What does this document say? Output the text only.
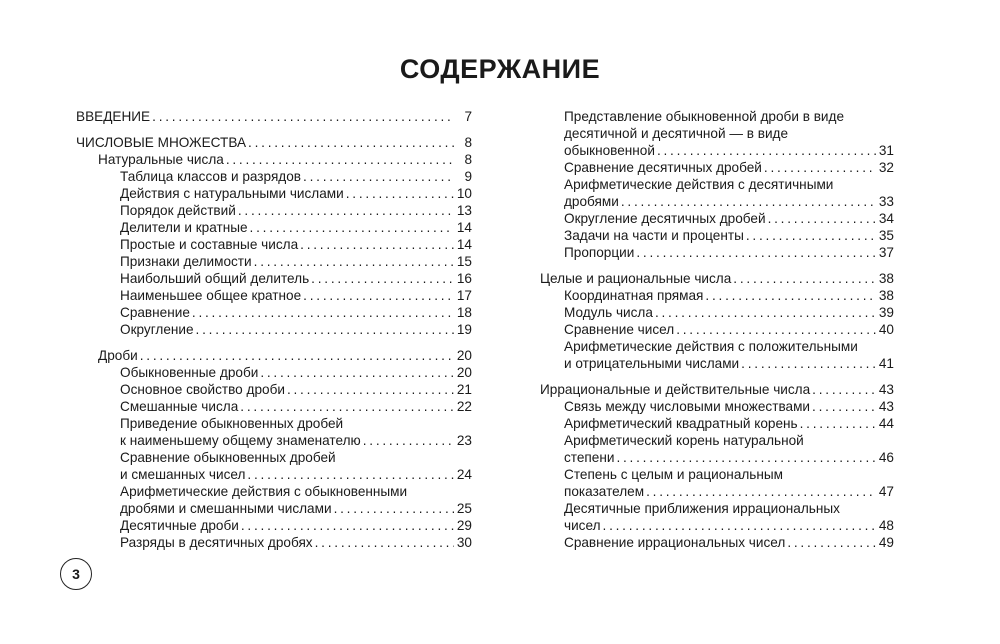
СОДЕРЖАНИЕ
ВВЕДЕНИЕ . . .	7
ЧИСЛОВЫЕ МНОЖЕСТВА . . .	8
Натуральные числа . . .	8
Таблица классов и разрядов . . .	9
Действия с натуральными числами . . .	10
Порядок действий . . .	13
Делители и кратные . . .	14
Простые и составные числа . . .	14
Признаки делимости . . .	15
Наибольший общий делитель . . .	16
Наименьшее общее кратное . . .	17
Сравнение . . .	18
Округление . . .	19
Дроби . . .	20
Обыкновенные дроби . . .	20
Основное свойство дроби . . .	21
Смешанные числа . . .	22
Приведение обыкновенных дробей
к наименьшему общему знаменателю . . .	23
Сравнение обыкновенных дробей
и смешанных чисел . . .	24
Арифметические действия с обыкновенными
дробями и смешанными числами . . .	25
Десятичные дроби . . .	29
Разряды в десятичных дробях . . .	30
Представление обыкновенной дроби в виде
десятичной и десятичной — в виде
обыкновенной . . .	31
Сравнение десятичных дробей . . .	32
Арифметические действия с десятичными
дробями . . .	33
Округление десятичных дробей . . .	34
Задачи на части и проценты . . .	35
Пропорции . . .	37
Целые и рациональные числа . . .	38
Координатная прямая . . .	38
Модуль числа . . .	39
Сравнение чисел . . .	40
Арифметические действия с положительными
и отрицательными числами . . .	41
Иррациональные и действительные числа . . .	43
Связь между числовыми множествами . . .	43
Арифметический квадратный корень . . .	44
Арифметический корень натуральной
степени . . .	46
Степень с целым и рациональным
показателем . . .	47
Десятичные приближения иррациональных
чисел . . .	48
Сравнение иррациональных чисел . . .	49
3
